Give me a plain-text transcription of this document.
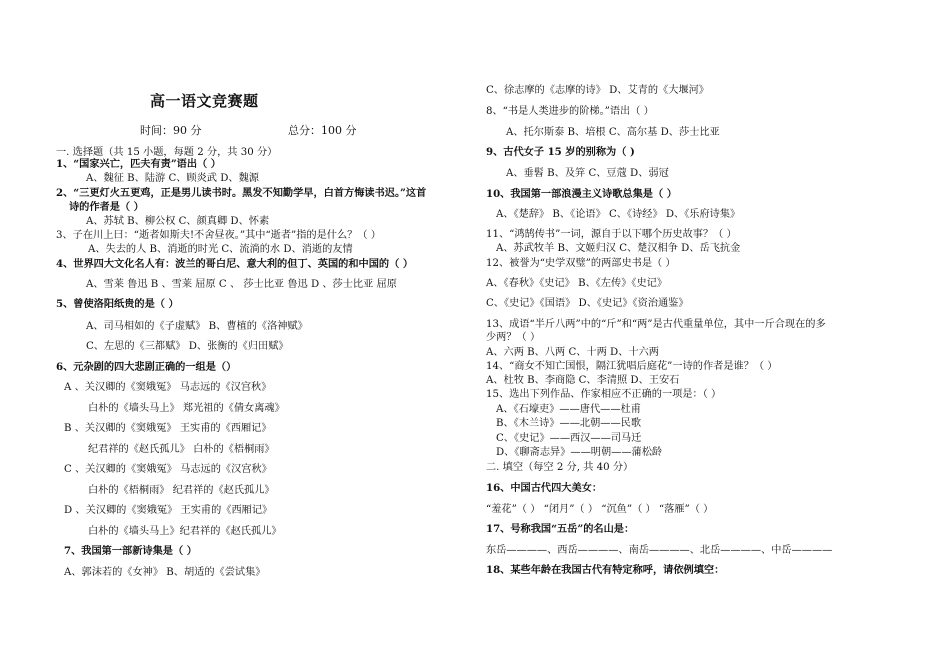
高一语文竞赛题
时间：90 分	总分：100 分
一. 选择题（共 15 小题，每题 2 分，共 30 分）
1、“国家兴亡，匹夫有责”语出（ ）
A、魏征 B、陆游 C、顾炎武 D、魏源
2、“三更灯火五更鸡，正是男儿读书时。黑发不知勤学早，白首方悔读书迟。”这首
诗的作者是（ ）
A、苏轼 B、柳公权 C、颜真卿 D、怀素
3、子在川上曰：“逝者如斯夫!不舍昼夜。”其中“逝者”指的是什么？（ ）
A、失去的人 B、消逝的时光 C、流淌的水 D、消逝的友情
4、世界四大文化名人有：波兰的哥白尼、意大利的但丁、英国的和中国的（ ）
A、雪莱 鲁迅 B 、雪莱 屈原 C 、 莎士比亚 鲁迅 D 、莎士比亚 屈原
5、曾使洛阳纸贵的是（ ）
A、司马相如的《子虚赋》 B、曹植的《洛神赋》
C、左思的《三都赋》 D、张衡的《归田赋》
6、元杂剧的四大悲剧正确的一组是（）
A 、关汉卿的《窦娥冤》 马志远的《汉宫秋》
白朴的《墙头马上》 郑光祖的《倩女离魂》
B 、关汉卿的《窦娥冤》 王实甫的《西厢记》
纪君祥的《赵氏孤儿》 白朴的《梧桐雨》
C 、关汉卿的《窦娥冤》 马志远的《汉宫秋》
白朴的《梧桐雨》 纪君祥的《赵氏孤儿》
D 、关汉卿的《窦娥冤》 王实甫的《西厢记》
白朴的《墙头马上》纪君祥的《赵氏孤儿》
7、我国第一部新诗集是（ ）
A、郭沫若的《女神》 B、胡适的《尝试集》
C、徐志摩的《志摩的诗》 D、艾青的《大堰河》
8、“书是人类进步的阶梯。”语出（ ）
A、托尔斯泰 B、培根 C、高尔基 D、莎士比亚
9、古代女子 15 岁的别称为（ )
A、垂髫 B、及笄 C、豆蔻 D、弱冠
10、我国第一部浪漫主义诗歌总集是（ ）
A、《楚辞》 B、《论语》 C、《诗经》 D、《乐府诗集》
11、“鸿鹄传书”一词，源自于以下哪个历史故事？（ ）
A、苏武牧羊 B、文姬归汉 C、楚汉相争 D、岳飞抗金
12、被誉为“史学双璧”的两部史书是（ ）
A、《春秋》《史记》 B、《左传》《史记》
C、《史记》《国语》 D、《史记》《资治通鉴》
13、成语“半斤八两”中的“斤”和“两”是古代重量单位，其中一斤合现在的多
少两？（ ）
A、六两 B、八两 C、十两 D、十六两
14、“商女不知亡国恨，隔江犹唱后庭花”一诗的作者是谁？（ ）
A、杜牧 B、李商隐 C、李清照 D、王安石
15、选出下列作品、作家相应不正确的一项是：（ ）
A、《石壕吏》——唐代——杜甫
B、《木兰诗》——北朝——民歌
C、《史记》——西汉——司马迁
D、《聊斋志异》——明朝——蒲松龄
二. 填空（每空 2 分, 共 40 分）
16、中国古代四大美女：
“羞花”（ ） “闭月”（ ） “沉鱼”（ ） “落雁”（ ）
17、号称我国“五岳”的名山是：
东岳————、西岳————、南岳————、北岳————、中岳————
18、某些年龄在我国古代有特定称呼，请依例填空：
